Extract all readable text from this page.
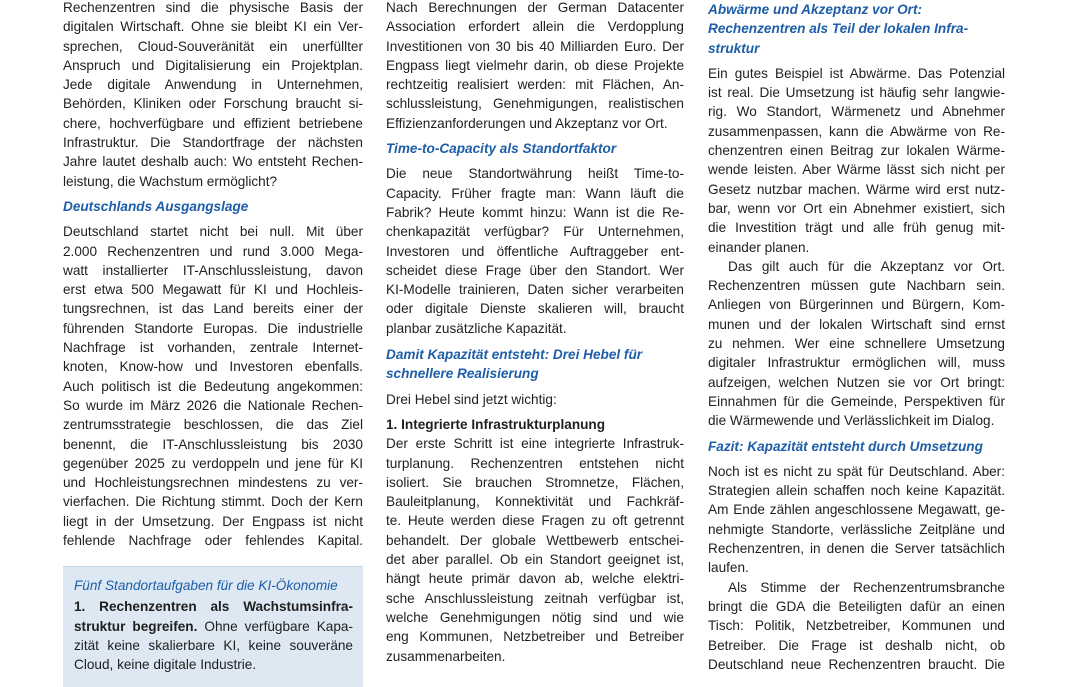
Rechenzentren sind die physische Basis der
digitalen Wirtschaft. Ohne sie bleibt KI ein Ver-
sprechen, Cloud-Souveränität ein unerfüllter
Anspruch und Digitalisierung ein Projektplan.
Jede digitale Anwendung in Unternehmen,
Behörden, Kliniken oder Forschung braucht si-
chere, hochverfügbare und effizient betriebene
Infrastruktur. Die Standortfrage der nächsten
Jahre lautet deshalb auch: Wo entsteht Rechen-
leistung, die Wachstum ermöglicht?
Deutschlands Ausgangslage
Deutschland startet nicht bei null. Mit über
2.000 Rechenzentren und rund 3.000 Mega-
watt installierter IT-Anschlussleistung, davon
erst etwa 500 Megawatt für KI und Hochleis-
tungsrechnen, ist das Land bereits einer der
führenden Standorte Europas. Die industrielle
Nachfrage ist vorhanden, zentrale Internet-
knoten, Know-how und Investoren ebenfalls.
Auch politisch ist die Bedeutung angekommen:
So wurde im März 2026 die Nationale Rechen-
zentrumsstrategie beschlossen, die das Ziel
benennt, die IT-Anschlussleistung bis 2030
gegenüber 2025 zu verdoppeln und jene für KI
und Hochleistungsrechnen mindestens zu ver-
vierfachen. Die Richtung stimmt. Doch der Kern
liegt in der Umsetzung. Der Engpass ist nicht
fehlende Nachfrage oder fehlendes Kapital.
Fünf Standortaufgaben für die KI-Ökonomie

1. Rechenzentren als Wachstumsinfra-

struktur begreifen. Ohne verfügbare Kapa-

zität keine skalierbare KI, keine souveräne

Cloud, keine digitale Industrie.

Nach Berechnungen der German Datacenter
Association erfordert allein die Verdopplung
Investitionen von 30 bis 40 Milliarden Euro. Der
Engpass liegt vielmehr darin, ob diese Projekte
rechtzeitig realisiert werden: mit Flächen, An-
schlussleistung, Genehmigungen, realistischen
Effizienzanforderungen und Akzeptanz vor Ort.
Time-to-Capacity als Standortfaktor
Die neue Standortwährung heißt Time-to-
Capacity. Früher fragte man: Wann läuft die
Fabrik? Heute kommt hinzu: Wann ist die Re-
chenkapazität verfügbar? Für Unternehmen,
Investoren und öffentliche Auftraggeber ent-
scheidet diese Frage über den Standort. Wer
KI-Modelle trainieren, Daten sicher verarbeiten
oder digitale Dienste skalieren will, braucht
planbar zusätzliche Kapazität.
Damit Kapazität entsteht: Drei Hebel für
schnellere Realisierung

Drei Hebel sind jetzt wichtig:

1. Integrierte Infrastrukturplanung

Der erste Schritt ist eine integrierte Infrastruk-
turplanung. Rechenzentren entstehen nicht
isoliert. Sie brauchen Stromnetze, Flächen,
Bauleitplanung, Konnektivität und Fachkräf-
te. Heute werden diese Fragen zu oft getrennt
behandelt. Der globale Wettbewerb entschei-
det aber parallel. Ob ein Standort geeignet ist,
hängt heute primär davon ab, welche elektri-
sche Anschlussleistung zeitnah verfügbar ist,
welche Genehmigungen nötig sind und wie
eng Kommunen, Netzbetreiber und Betreiber
zusammenarbeiten.
Abwärme und Akzeptanz vor Ort:
Rechenzentren als Teil der lokalen Infra-
struktur
Ein gutes Beispiel ist Abwärme. Das Potenzial
ist real. Die Umsetzung ist häufig sehr langwie-
rig. Wo Standort, Wärmenetz und Abnehmer
zusammenpassen, kann die Abwärme von Re-
chenzentren einen Beitrag zur lokalen Wärme-
wende leisten. Aber Wärme lässt sich nicht per
Gesetz nutzbar machen. Wärme wird erst nutz-
bar, wenn vor Ort ein Abnehmer existiert, sich
die Investition trägt und alle früh genug mit-
einander planen.
Das gilt auch für die Akzeptanz vor Ort.
Rechenzentren müssen gute Nachbarn sein.
Anliegen von Bürgerinnen und Bürgern, Kom-
munen und der lokalen Wirtschaft sind ernst
zu nehmen. Wer eine schnellere Umsetzung
digitaler Infrastruktur ermöglichen will, muss
aufzeigen, welchen Nutzen sie vor Ort bringt:
Einnahmen für die Gemeinde, Perspektiven für
die Wärmewende und Verlässlichkeit im Dialog.
Fazit: Kapazität entsteht durch Umsetzung
Noch ist es nicht zu spät für Deutschland. Aber:
Strategien allein schaffen noch keine Kapazität.
Am Ende zählen angeschlossene Megawatt, ge-
nehmigte Standorte, verlässliche Zeitpläne und
Rechenzentren, in denen die Server tatsächlich
laufen.
Als Stimme der Rechenzentrumsbranche
bringt die GDA die Beteiligten dafür an einen
Tisch: Politik, Netzbetreiber, Kommunen und
Betreiber. Die Frage ist deshalb nicht, ob
Deutschland neue Rechenzentren braucht. Die
